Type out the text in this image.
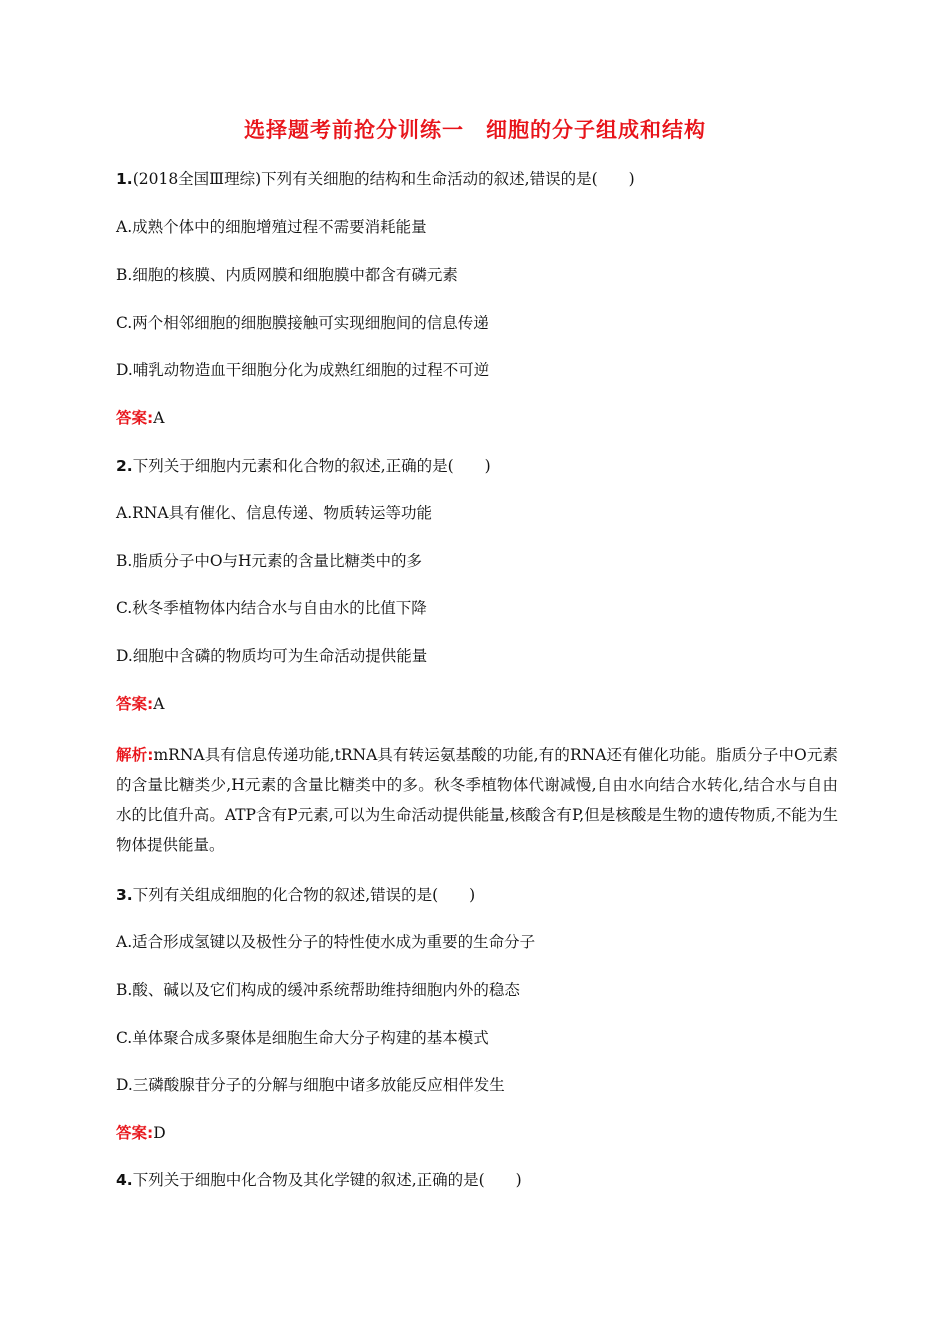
选择题考前抢分训练一　细胞的分子组成和结构
1.(2018全国Ⅲ理综)下列有关细胞的结构和生命活动的叙述,错误的是(　　)
A.成熟个体中的细胞增殖过程不需要消耗能量
B.细胞的核膜、内质网膜和细胞膜中都含有磷元素
C.两个相邻细胞的细胞膜接触可实现细胞间的信息传递
D.哺乳动物造血干细胞分化为成熟红细胞的过程不可逆
答案:A
2.下列关于细胞内元素和化合物的叙述,正确的是(　　)
A.RNA具有催化、信息传递、物质转运等功能
B.脂质分子中O与H元素的含量比糖类中的多
C.秋冬季植物体内结合水与自由水的比值下降
D.细胞中含磷的物质均可为生命活动提供能量
答案:A
解析:mRNA具有信息传递功能,tRNA具有转运氨基酸的功能,有的RNA还有催化功能。脂质分子中O元素的含量比糖类少,H元素的含量比糖类中的多。秋冬季植物体代谢减慢,自由水向结合水转化,结合水与自由水的比值升高。ATP含有P元素,可以为生命活动提供能量,核酸含有P,但是核酸是生物的遗传物质,不能为生物体提供能量。
3.下列有关组成细胞的化合物的叙述,错误的是(　　)
A.适合形成氢键以及极性分子的特性使水成为重要的生命分子
B.酸、碱以及它们构成的缓冲系统帮助维持细胞内外的稳态
C.单体聚合成多聚体是细胞生命大分子构建的基本模式
D.三磷酸腺苷分子的分解与细胞中诸多放能反应相伴发生
答案:D
4.下列关于细胞中化合物及其化学键的叙述,正确的是(　　)
